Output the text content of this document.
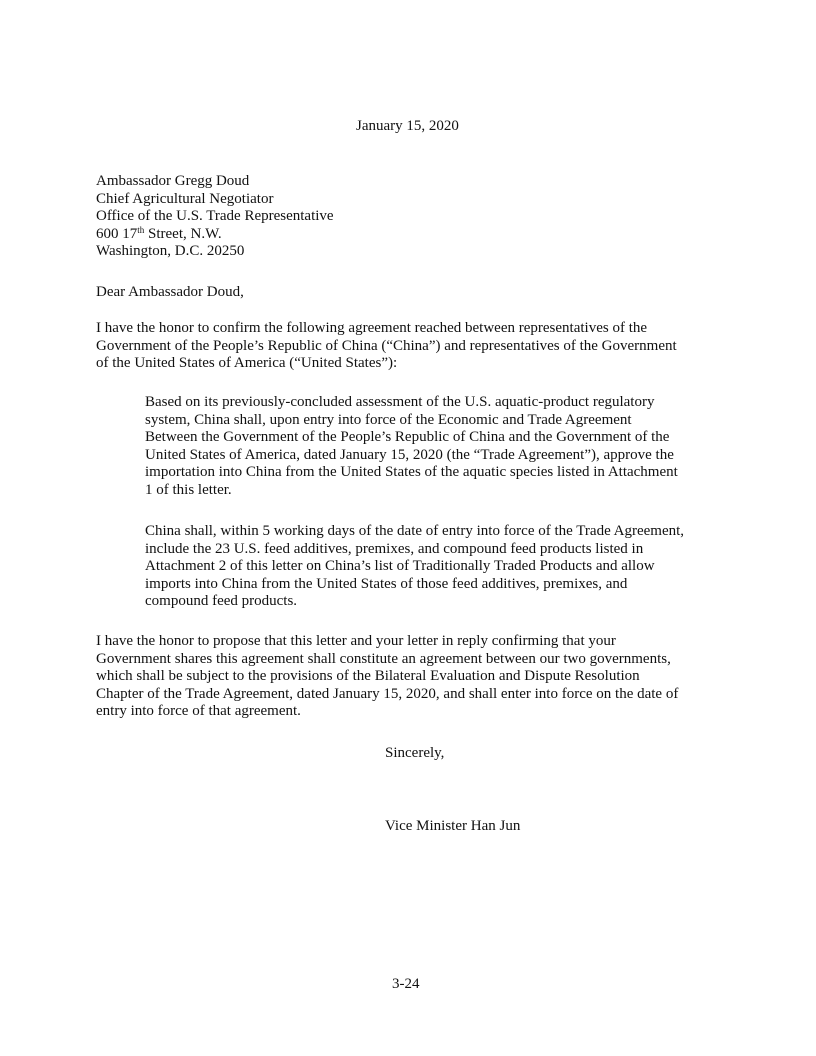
January 15, 2020
Ambassador Gregg Doud
Chief Agricultural Negotiator
Office of the U.S. Trade Representative
600 17th Street, N.W.
Washington, D.C. 20250
Dear Ambassador Doud,
I have the honor to confirm the following agreement reached between representatives of the
Government of the People’s Republic of China (“China”) and representatives of the Government
of the United States of America (“United States”):
Based on its previously-concluded assessment of the U.S. aquatic-product regulatory
system, China shall, upon entry into force of the Economic and Trade Agreement
Between the Government of the People’s Republic of China and the Government of the
United States of America, dated January 15, 2020 (the “Trade Agreement”), approve the
importation into China from the United States of the aquatic species listed in Attachment
1 of this letter.
China shall, within 5 working days of the date of entry into force of the Trade Agreement,
include the 23 U.S. feed additives, premixes, and compound feed products listed in
Attachment 2 of this letter on China’s list of Traditionally Traded Products and allow
imports into China from the United States of those feed additives, premixes, and
compound feed products.
I have the honor to propose that this letter and your letter in reply confirming that your
Government shares this agreement shall constitute an agreement between our two governments,
which shall be subject to the provisions of the Bilateral Evaluation and Dispute Resolution
Chapter of the Trade Agreement, dated January 15, 2020, and shall enter into force on the date of
entry into force of that agreement.
Sincerely,
Vice Minister Han Jun
3-24
